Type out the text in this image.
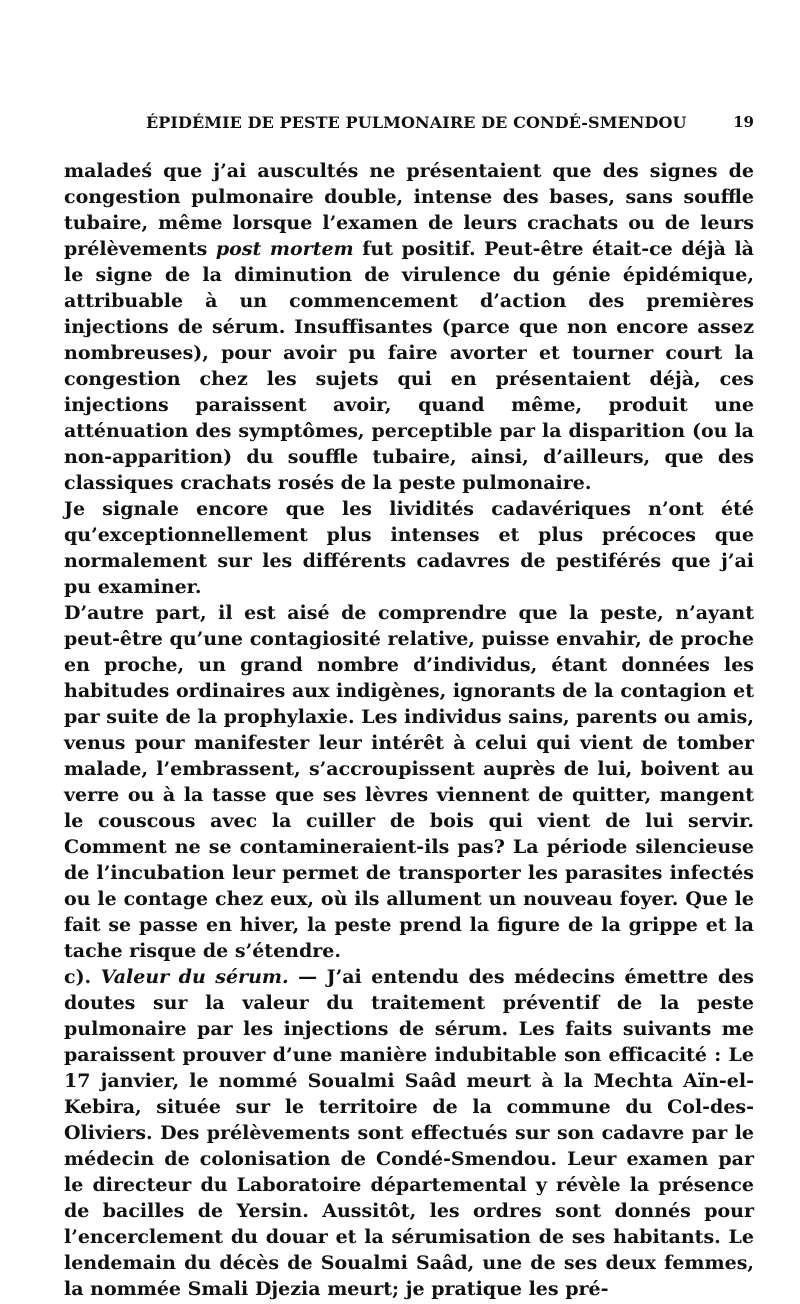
ÉPIDÉMIE DE PESTE PULMONAIRE DE CONDÉ-SMENDOU	19

maladeś que j’ai auscultés ne présentaient que des signes de congestion pulmonaire double, intense des bases, sans souffle tubaire, même lorsque l’examen de leurs crachats ou de leurs prélèvements post mortem fut positif. Peut-être était-ce déjà là le signe de la diminution de virulence du génie épidémique, attribuable à un commencement d’action des premières injections de sérum. Insuffisantes (parce que non encore assez nombreuses), pour avoir pu faire avorter et tourner court la congestion chez les sujets qui en présentaient déjà, ces injections paraissent avoir, quand même, produit une atténuation des symptômes, perceptible par la disparition (ou la non-apparition) du souffle tubaire, ainsi, d’ailleurs, que des classiques crachats rosés de la peste pulmonaire.

Je signale encore que les lividités cadavériques n’ont été qu’exceptionnellement plus intenses et plus précoces que normalement sur les différents cadavres de pestiférés que j’ai pu examiner.

D’autre part, il est aisé de comprendre que la peste, n’ayant peut-être qu’une contagiosité relative, puisse envahir, de proche en proche, un grand nombre d’individus, étant données les habitudes ordinaires aux indigènes, ignorants de la contagion et par suite de la prophylaxie. Les individus sains, parents ou amis, venus pour manifester leur intérêt à celui qui vient de tomber malade, l’embrassent, s’accroupissent auprès de lui, boivent au verre ou à la tasse que ses lèvres viennent de quitter, mangent le couscous avec la cuiller de bois qui vient de lui servir. Comment ne se contamineraient-ils pas? La période silencieuse de l’incubation leur permet de transporter les parasites infectés ou le contage chez eux, où ils allument un nouveau foyer. Que le fait se passe en hiver, la peste prend la figure de la grippe et la tache risque de s’étendre.

c). Valeur du sérum. — J’ai entendu des médecins émettre des doutes sur la valeur du traitement préventif de la peste pulmonaire par les injections de sérum. Les faits suivants me paraissent prouver d’une manière indubitable son efficacité : Le 17 janvier, le nommé Soualmi Saâd meurt à la Mechta Aïn-el-Kebira, située sur le territoire de la commune du Col-des-Oliviers. Des prélèvements sont effectués sur son cadavre par le médecin de colonisation de Condé-Smendou. Leur examen par le directeur du Laboratoire départemental y révèle la présence de bacilles de Yersin. Aussitôt, les ordres sont donnés pour l’encerclement du douar et la sérumisation de ses habitants. Le lendemain du décès de Soualmi Saâd, une de ses deux femmes, la nommée Smali Djezia meurt; je pratique les pré-
